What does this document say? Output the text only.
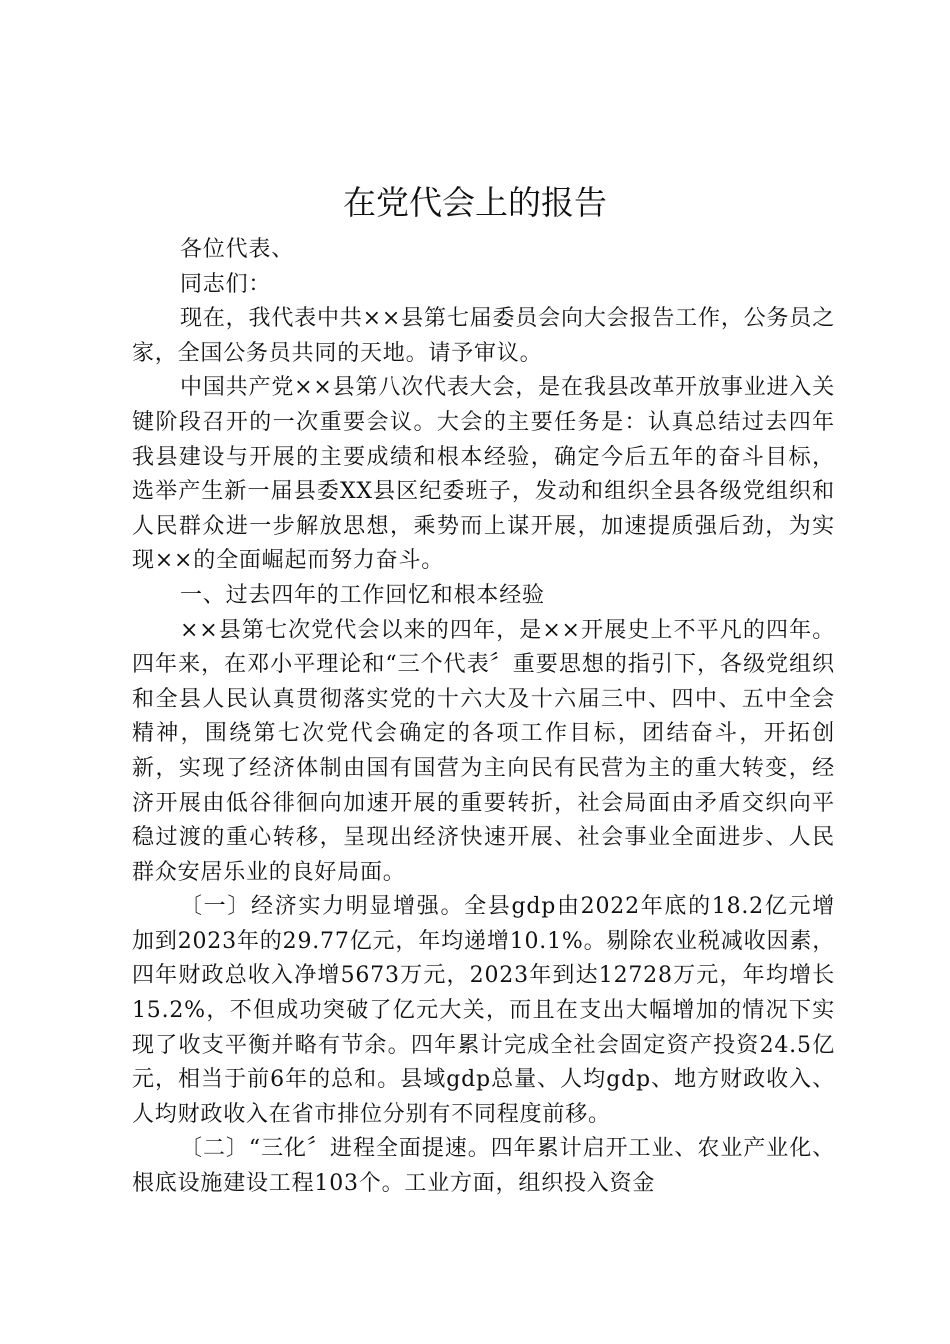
在党代会上的报告

各位代表、

同志们：

现在，我代表中共××县第七届委员会向大会报告工作，公务员之家，全国公务员共同的天地。请予审议。

中国共产党××县第八次代表大会，是在我县改革开放事业进入关键阶段召开的一次重要会议。大会的主要任务是：认真总结过去四年我县建设与开展的主要成绩和根本经验，确定今后五年的奋斗目标，选举产生新一届县委XX县区纪委班子，发动和组织全县各级党组织和人民群众进一步解放思想，乘势而上谋开展，加速提质强后劲，为实现××的全面崛起而努力奋斗。

一、过去四年的工作回忆和根本经验

××县第七次党代会以来的四年，是××开展史上不平凡的四年。四年来，在邓小平理论和“三个代表〞重要思想的指引下，各级党组织和全县人民认真贯彻落实党的十六大及十六届三中、四中、五中全会精神，围绕第七次党代会确定的各项工作目标，团结奋斗，开拓创新，实现了经济体制由国有国营为主向民有民营为主的重大转变，经济开展由低谷徘徊向加速开展的重要转折，社会局面由矛盾交织向平稳过渡的重心转移，呈现出经济快速开展、社会事业全面进步、人民群众安居乐业的良好局面。

〔一〕经济实力明显增强。全县gdp由2022年底的18.2亿元增加到2023年的29.77亿元，年均递增10.1%。剔除农业税减收因素，四年财政总收入净增5673万元，2023年到达12728万元，年均增长15.2%，不但成功突破了亿元大关，而且在支出大幅增加的情况下实现了收支平衡并略有节余。四年累计完成全社会固定资产投资24.5亿元，相当于前6年的总和。县域gdp总量、人均gdp、地方财政收入、人均财政收入在省市排位分别有不同程度前移。

〔二〕“三化〞进程全面提速。四年累计启开工业、农业产业化、根底设施建设工程103个。工业方面，组织投入资金
